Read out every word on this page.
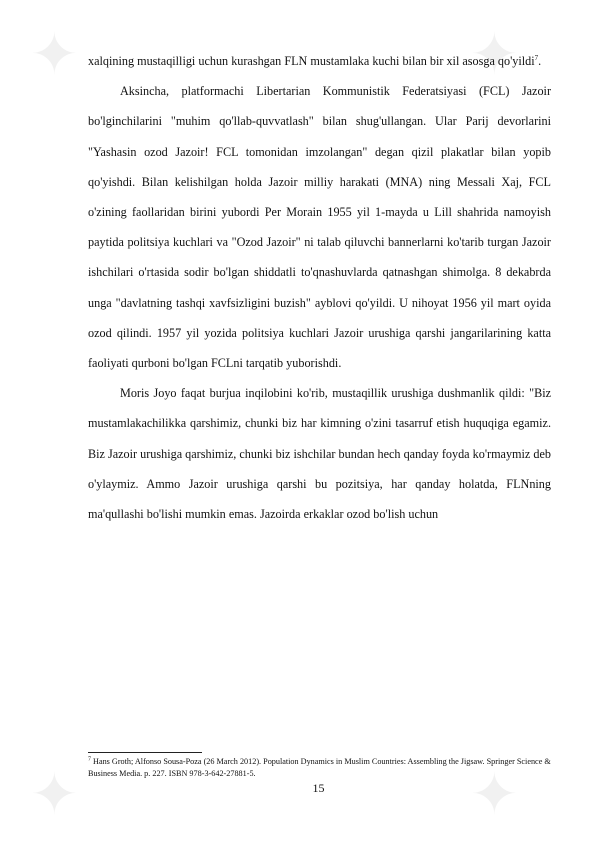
✦	✦
✦	✦

xalqining mustaqilligi uchun kurashgan FLN mustamlaka kuchi bilan bir xil asosga qo'yildi$^7$.

Aksincha, platformachi Libertarian Kommunistik Federatsiyasi (FCL) Jazoir bo'lginchilarini "muhim qo'llab-quvvatlash" bilan shug'ullangan. Ular Parij devorlarini "Yashasin ozod Jazoir! FCL tomonidan imzolangan" degan qizil plakatlar bilan yopib qo'yishdi. Bilan kelishilgan holda Jazoir milliy harakati (MNA) ning Messali Xaj, FCL o'zining faollaridan birini yubordi Per Morain 1955 yil 1-mayda u Lill shahrida namoyish paytida politsiya kuchlari va "Ozod Jazoir" ni talab qiluvchi bannerlarni ko'tarib turgan Jazoir ishchilari o'rtasida sodir bo'lgan shiddatli to'qnashuvlarda qatnashgan shimolga. 8 dekabrda unga "davlatning tashqi xavfsizligini buzish" ayblovi qo'yildi. U nihoyat 1956 yil mart oyida ozod qilindi. 1957 yil yozida politsiya kuchlari Jazoir urushiga qarshi jangarilarining katta faoliyati qurboni bo'lgan FCLni tarqatib yuborishdi.

Moris Joyo faqat burjua inqilobini ko'rib, mustaqillik urushiga dushmanlik qildi: "Biz mustamlakachilikka qarshimiz, chunki biz har kimning o'zini tasarruf etish huquqiga egamiz. Biz Jazoir urushiga qarshimiz, chunki biz ishchilar bundan hech qanday foyda ko'rmaymiz deb o'ylaymiz. Ammo Jazoir urushiga qarshi bu pozitsiya, har qanday holatda, FLNning ma'qullashi bo'lishi mumkin emas. Jazoirda erkaklar ozod bo'lish uchun

$^7$ Hans Groth; Alfonso Sousa-Poza (26 March 2012). Population Dynamics in Muslim Countries: Assembling the Jigsaw. Springer Science & Business Media. p. 227. ISBN 978-3-642-27881-5.
15
